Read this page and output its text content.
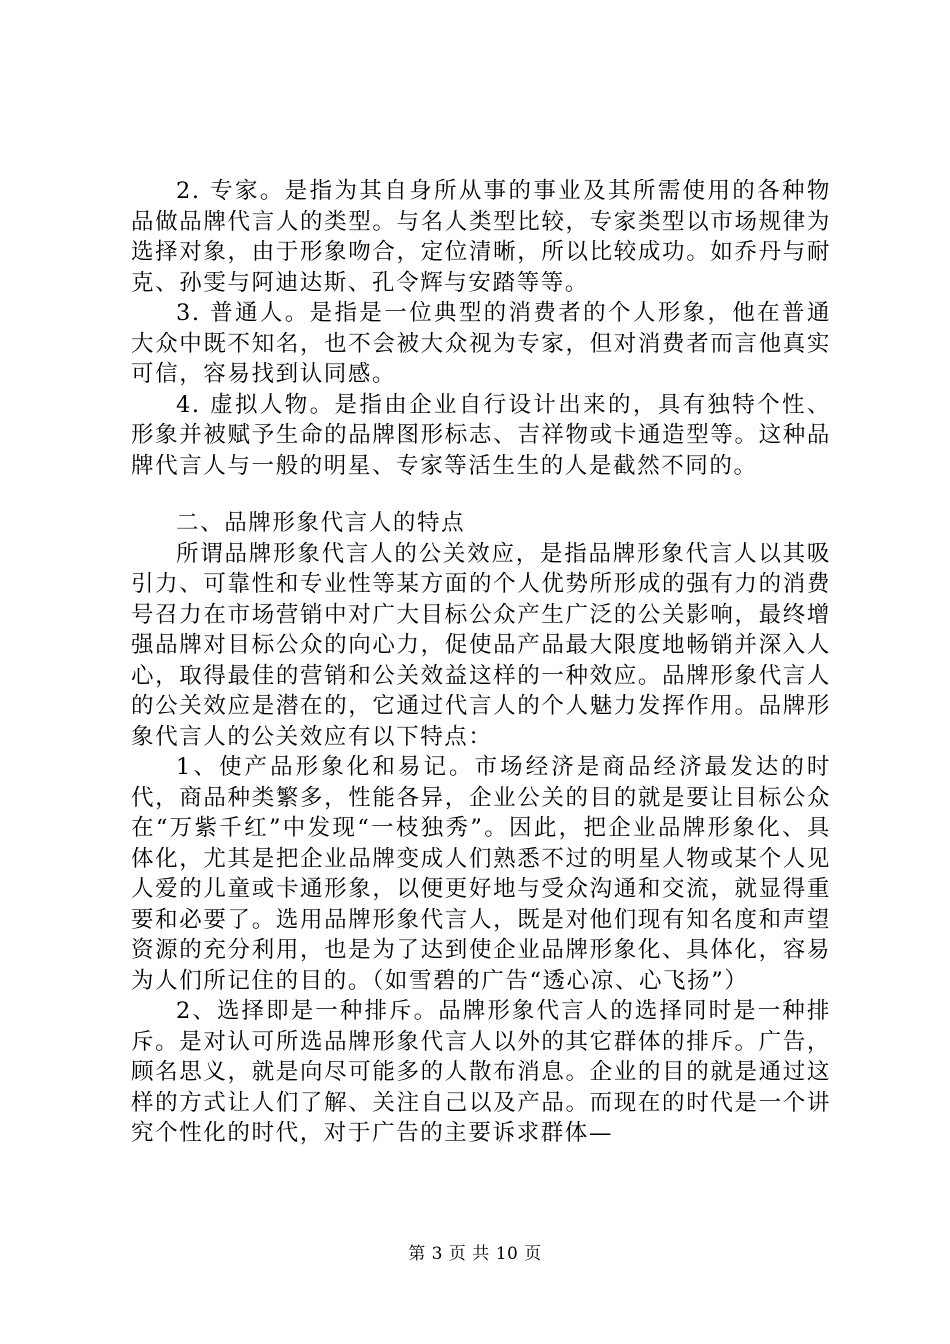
2. 专家。是指为其自身所从事的事业及其所需使用的各种物品做品牌代言人的类型。与名人类型比较，专家类型以市场规律为选择对象，由于形象吻合，定位清晰，所以比较成功。如乔丹与耐克、孙雯与阿迪达斯、孔令辉与安踏等等。

3. 普通人。是指是一位典型的消费者的个人形象，他在普通大众中既不知名，也不会被大众视为专家，但对消费者而言他真实可信，容易找到认同感。

4. 虚拟人物。是指由企业自行设计出来的，具有独特个性、形象并被赋予生命的品牌图形标志、吉祥物或卡通造型等。这种品牌代言人与一般的明星、专家等活生生的人是截然不同的。

二、品牌形象代言人的特点

所谓品牌形象代言人的公关效应，是指品牌形象代言人以其吸引力、可靠性和专业性等某方面的个人优势所形成的强有力的消费号召力在市场营销中对广大目标公众产生广泛的公关影响，最终增强品牌对目标公众的向心力，促使品产品最大限度地畅销并深入人心，取得最佳的营销和公关效益这样的一种效应。品牌形象代言人的公关效应是潜在的，它通过代言人的个人魅力发挥作用。品牌形象代言人的公关效应有以下特点：

1、使产品形象化和易记。市场经济是商品经济最发达的时代，商品种类繁多，性能各异，企业公关的目的就是要让目标公众在“万紫千红”中发现“一枝独秀”。因此，把企业品牌形象化、具体化，尤其是把企业品牌变成人们熟悉不过的明星人物或某个人见人爱的儿童或卡通形象，以便更好地与受众沟通和交流，就显得重要和必要了。选用品牌形象代言人，既是对他们现有知名度和声望资源的充分利用，也是为了达到使企业品牌形象化、具体化，容易为人们所记住的目的。（如雪碧的广告“透心凉、心飞扬”）

2、选择即是一种排斥。品牌形象代言人的选择同时是一种排斥。是对认可所选品牌形象代言人以外的其它群体的排斥。广告，顾名思义，就是向尽可能多的人散布消息。企业的目的就是通过这样的方式让人们了解、关注自己以及产品。而现在的时代是一个讲究个性化的时代，对于广告的主要诉求群体—

第 3 页 共 10 页
